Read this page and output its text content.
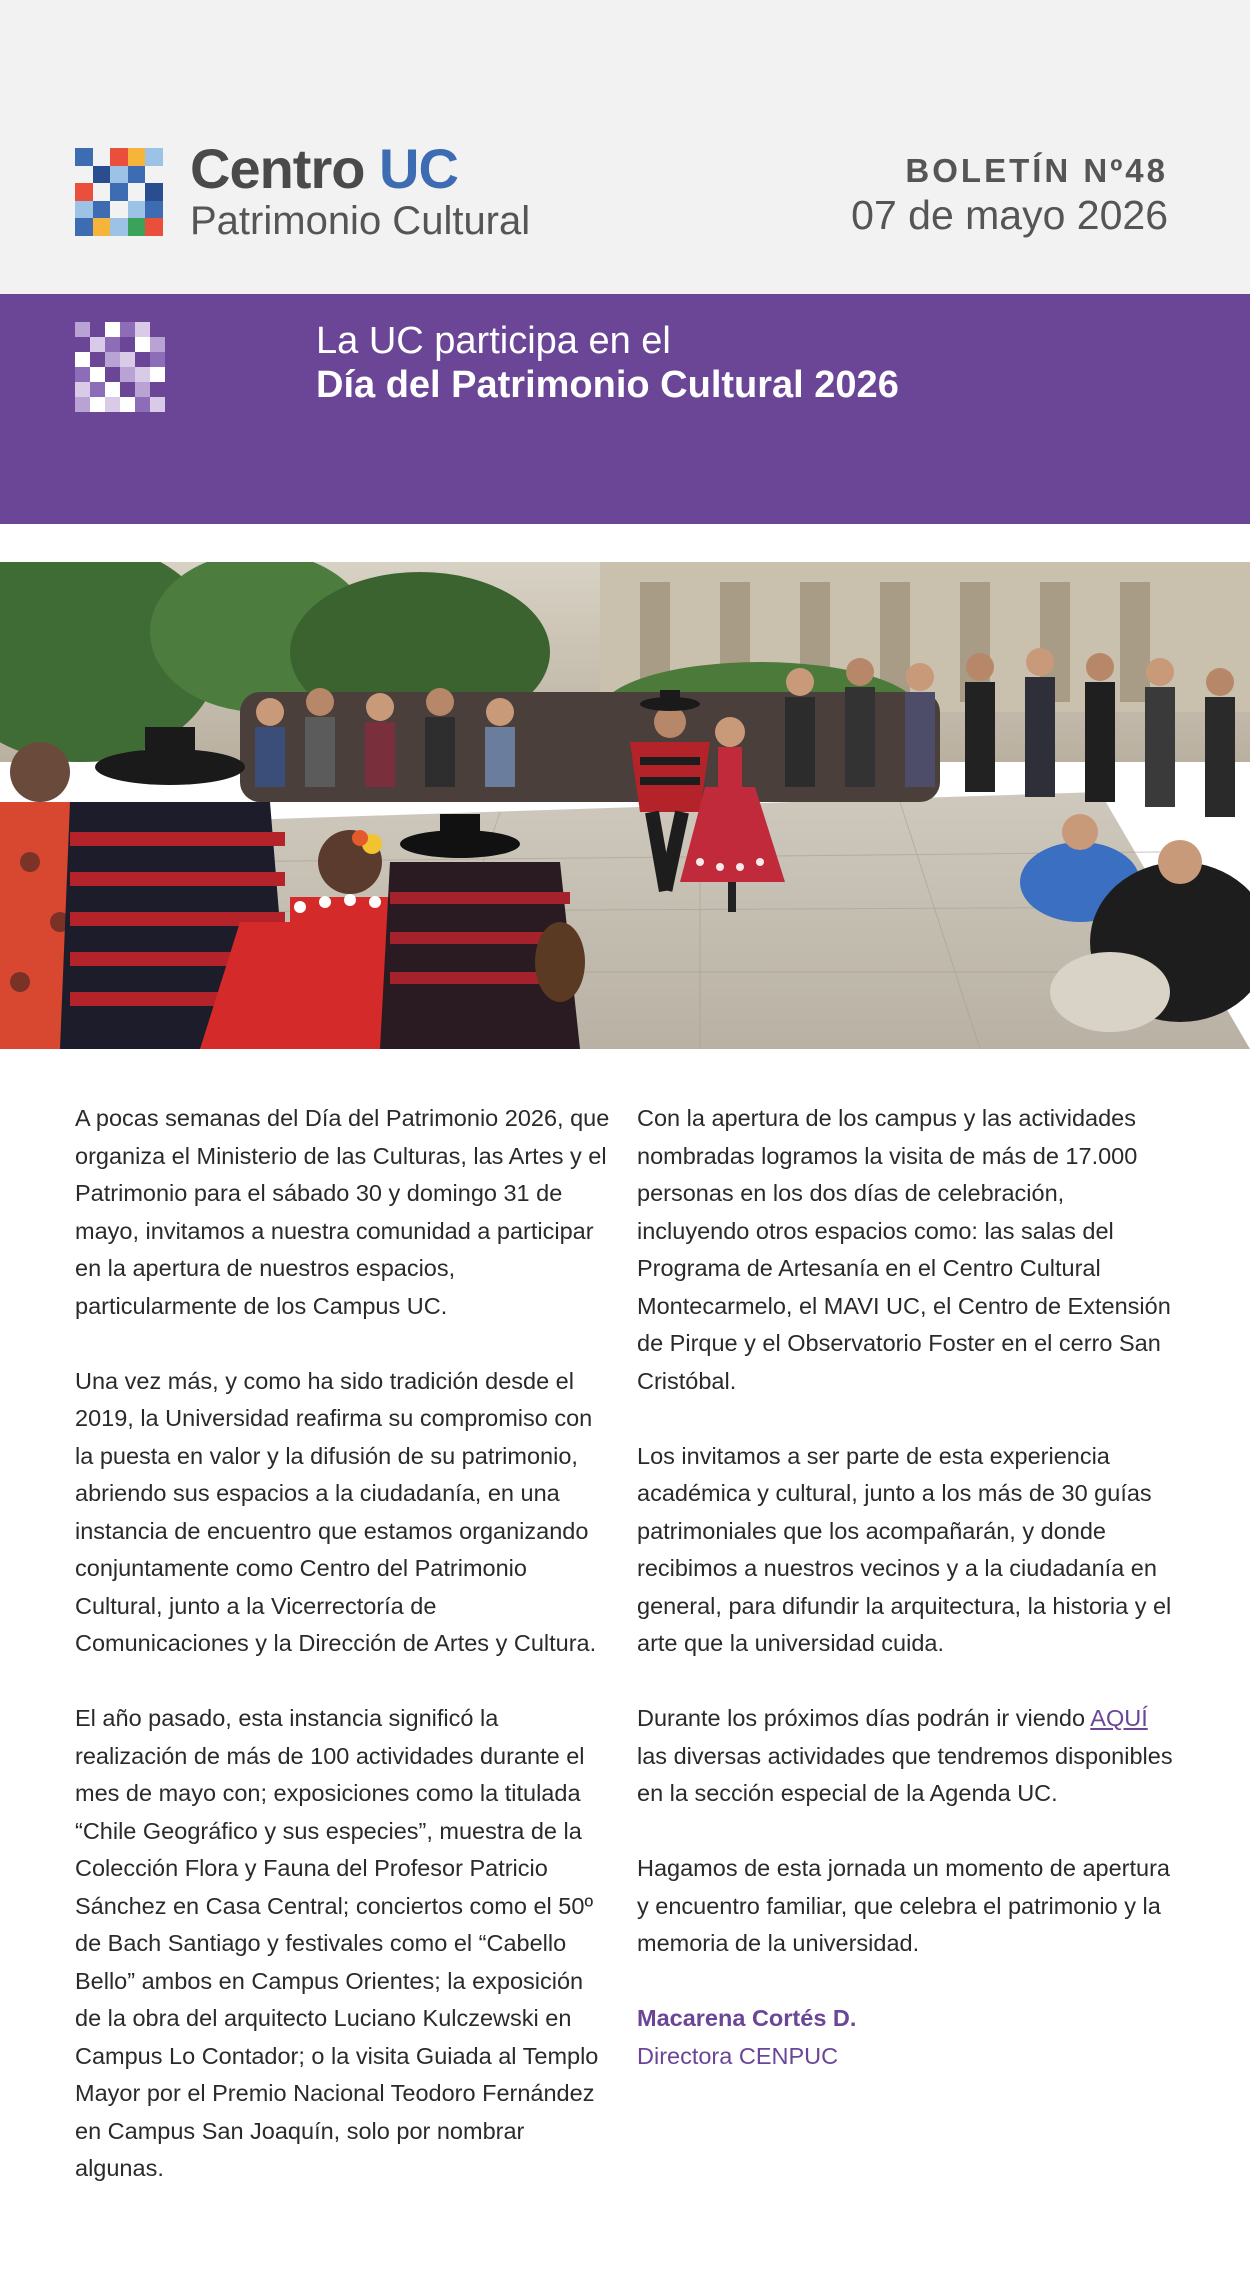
Centro UC
Patrimonio Cultural
BOLETÍN Nº48
07 de mayo 2026
La UC participa en el
Día del Patrimonio Cultural 2026

A pocas semanas del Día del Patrimonio 2026, que organiza el Ministerio de las Culturas, las Artes y el Patrimonio para el sábado 30 y domingo 31 de mayo, invitamos a nuestra comunidad a participar en la apertura de nuestros espacios, particularmente de los Campus UC.

Una vez más, y como ha sido tradición desde el 2019, la Universidad reafirma su compromiso con la puesta en valor y la difusión de su patrimonio, abriendo sus espacios a la ciudadanía, en una instancia de encuentro que estamos organizando conjuntamente como Centro del Patrimonio Cultural, junto a la Vicerrectoría de Comunicaciones y la Dirección de Artes y Cultura.

El año pasado, esta instancia significó la realización de más de 100 actividades durante el mes de mayo con; exposiciones como la titulada “Chile Geográfico y sus especies”, muestra de la Colección Flora y Fauna del Profesor Patricio Sánchez en Casa Central; conciertos como el 50º de Bach Santiago y festivales como el “Cabello Bello” ambos en Campus Orientes; la exposición de la obra del arquitecto Luciano Kulczewski en Campus Lo Contador; o la visita Guiada al Templo Mayor por el Premio Nacional Teodoro Fernández en Campus San Joaquín, solo por nombrar algunas.

Con la apertura de los campus y las actividades nombradas logramos la visita de más de 17.000 personas en los dos días de celebración, incluyendo otros espacios como: las salas del Programa de Artesanía en el Centro Cultural Montecarmelo, el MAVI UC, el Centro de Extensión de Pirque y el Observatorio Foster en el cerro San Cristóbal.

Los invitamos a ser parte de esta experiencia académica y cultural, junto a los más de 30 guías patrimoniales que los acompañarán, y donde recibimos a nuestros vecinos y a la ciudadanía en general, para difundir la arquitectura, la historia y el arte que la universidad cuida.

Durante los próximos días podrán ir viendo AQUÍ las diversas actividades que tendremos disponibles en la sección especial de la Agenda UC.

Hagamos de esta jornada un momento de apertura y encuentro familiar, que celebra el patrimonio y la memoria de la universidad.

Macarena Cortés D.
Directora CENPUC
